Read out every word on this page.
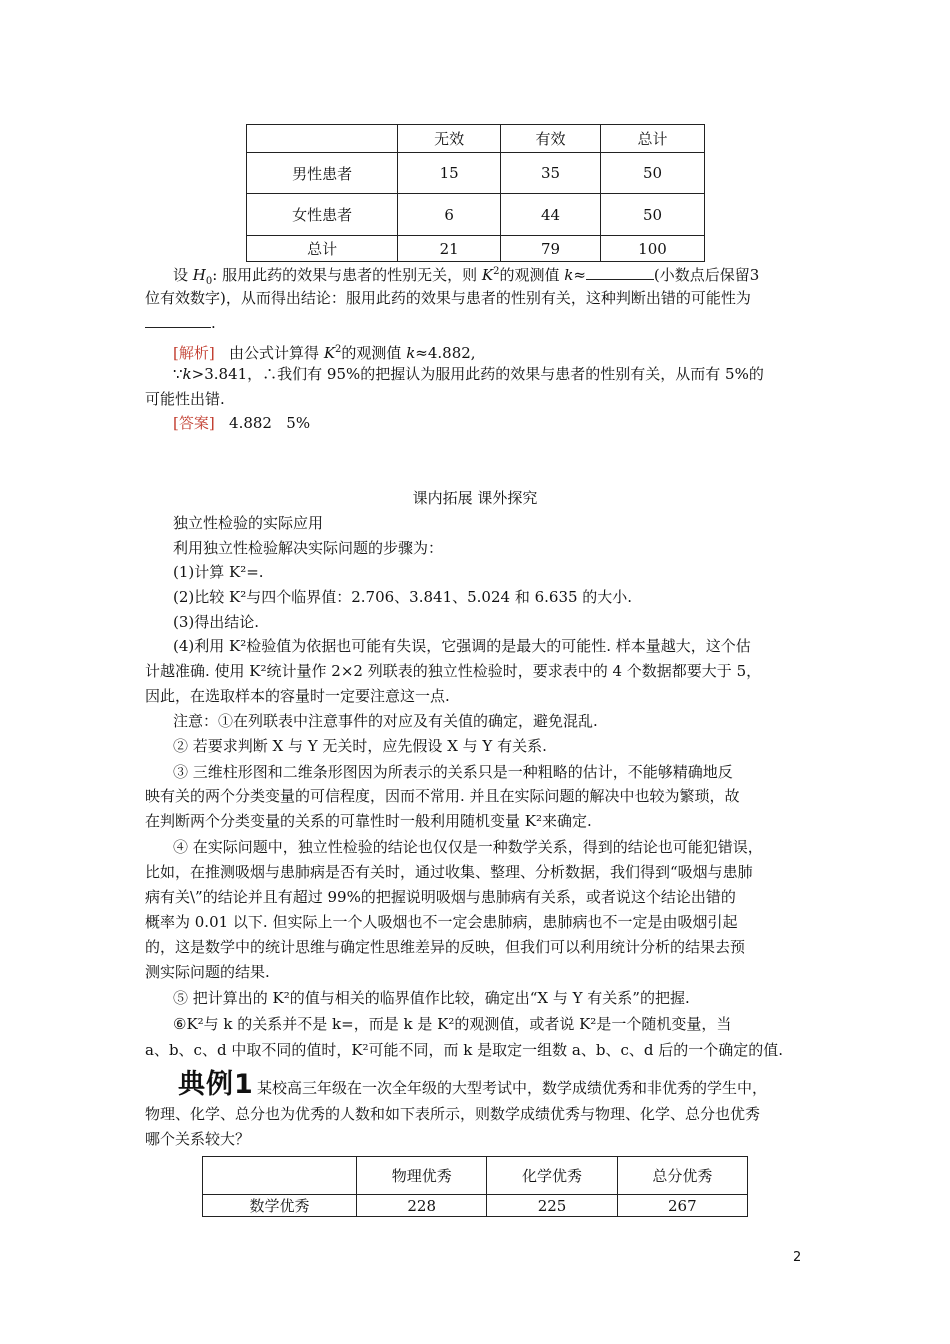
	无效	有效	总计
男性患者	15	35	50
女性患者	6	44	50
总计	21	79	100
设 $H_0$: 服用此药的效果与患者的性别无关，则 $K^2$的观测值 k≈	(小数点后保留3
位有效数字)，从而得出结论：服用此药的效果与患者的性别有关，这种判断出错的可能性为
.
[解析] 由公式计算得 $K^2$的观测值 k≈4.882,
∵k>3.841，∴我们有 95%的把握认为服用此药的效果与患者的性别有关，从而有 5%的
可能性出错.
[答案] 4.882   5%
课内拓展 课外探究
独立性检验的实际应用
利用独立性检验解决实际问题的步骤为：
(1)计算 K²=.
(2)比较 K²与四个临界值：2.706、3.841、5.024 和 6.635 的大小.
(3)得出结论.
(4)利用 K²检验值为依据也可能有失误，它强调的是最大的可能性. 样本量越大，这个估
计越准确. 使用 K²统计量作 2×2 列联表的独立性检验时，要求表中的 4 个数据都要大于 5，
因此，在选取样本的容量时一定要注意这一点.
注意：①在列联表中注意事件的对应及有关值的确定，避免混乱.
② 若要求判断 X 与 Y 无关时，应先假设 X 与 Y 有关系.
③ 三维柱形图和二维条形图因为所表示的关系只是一种粗略的估计，不能够精确地反
映有关的两个分类变量的可信程度，因而不常用. 并且在实际问题的解决中也较为繁琐，故
在判断两个分类变量的关系的可靠性时一般利用随机变量 K²来确定.
④ 在实际问题中，独立性检验的结论也仅仅是一种数学关系，得到的结论也可能犯错误，
比如，在推测吸烟与患肺病是否有关时，通过收集、整理、分析数据，我们得到“吸烟与患肺
病有关\”的结论并且有超过 99%的把握说明吸烟与患肺病有关系，或者说这个结论出错的
概率为 0.01 以下. 但实际上一个人吸烟也不一定会患肺病，患肺病也不一定是由吸烟引起
的，这是数学中的统计思维与确定性思维差异的反映，但我们可以利用统计分析的结果去预
测实际问题的结果.
⑤ 把计算出的 K²的值与相关的临界值作比较，确定出“X 与 Y 有关系”的把握.
⑥K²与 k 的关系并不是 k=，而是 k 是 K²的观测值，或者说 K²是一个随机变量，当
a、b、c、d 中取不同的值时，K²可能不同，而 k 是取定一组数 a、b、c、d 后的一个确定的值.
典例1 某校高三年级在一次全年级的大型考试中，数学成绩优秀和非优秀的学生中，
物理、化学、总分也为优秀的人数和如下表所示，则数学成绩优秀与物理、化学、总分也优秀
哪个关系较大？
	物理优秀	化学优秀	总分优秀
数学优秀	228	225	267
2
